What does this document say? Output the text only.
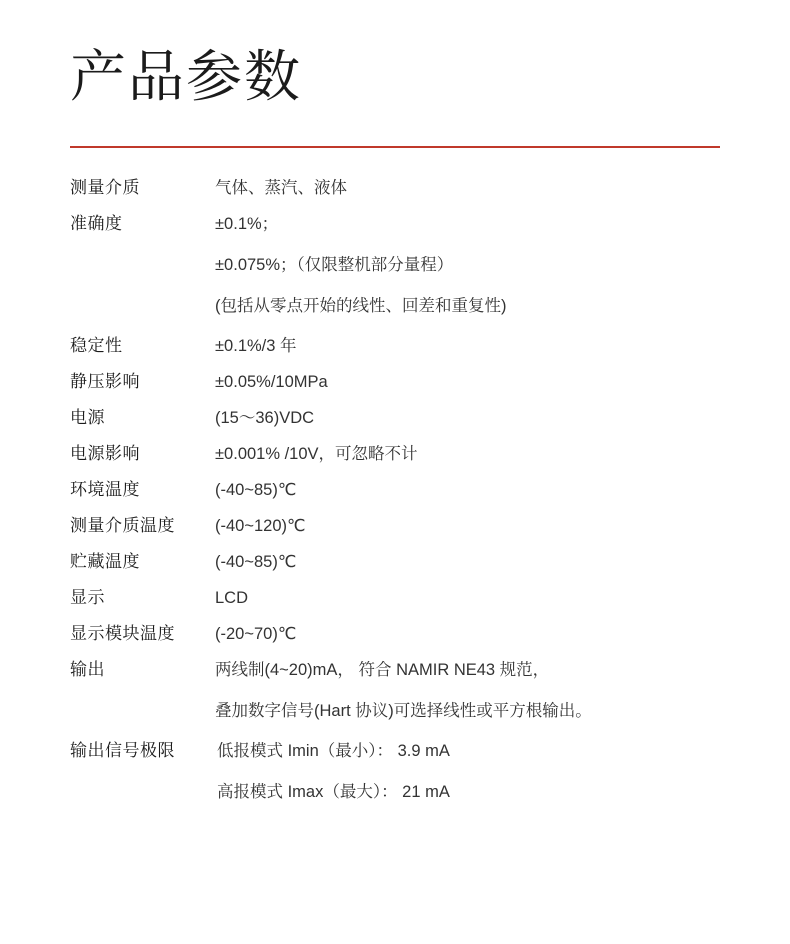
产品参数
测量介质	气体、蒸汽、液体
准确度	±0.1%；
±0.075%；（仅限整机部分量程）
(包括从零点开始的线性、回差和重复性)
稳定性	±0.1%/3 年
静压影响	±0.05%/10MPa
电源	(15～36)VDC
电源影响	±0.001% /10V，可忽略不计
环境温度	(-40~85)℃
测量介质温度	(-40~120)℃
贮藏温度	(-40~85)℃
显示	LCD
显示模块温度	(-20~70)℃
输出	两线制(4~20)mA， 符合 NAMIR NE43 规范，
叠加数字信号(Hart 协议)可选择线性或平方根输出。
输出信号极限	低报模式 Imin（最小）： 3.9 mA
高报模式 Imax（最大）： 21 mA
